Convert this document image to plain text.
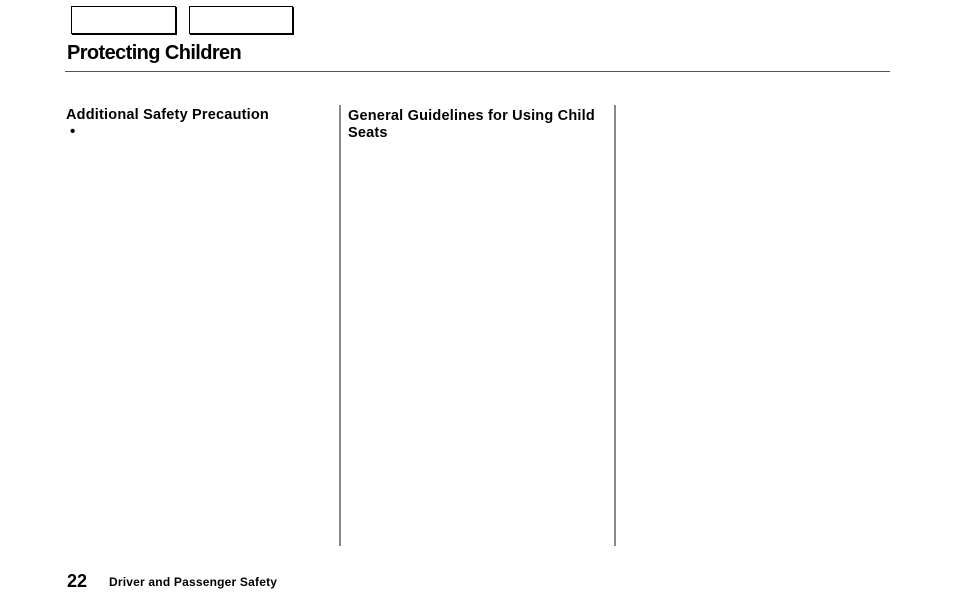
Protecting Children
Additional Safety Precaution
•
General Guidelines for Using Child Seats
22 Driver and Passenger Safety
